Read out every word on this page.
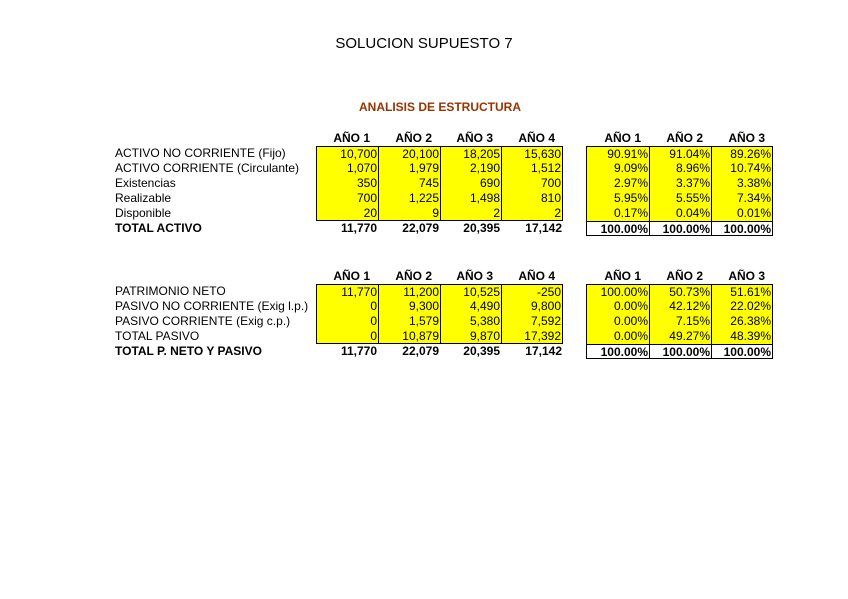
SOLUCION SUPUESTO 7
ANALISIS DE ESTRUCTURA
AÑO 1	AÑO 2	AÑO 3	AÑO 4	AÑO 1	AÑO 2	AÑO 3
ACTIVO NO CORRIENTE (Fijo)	10,700	20,100	18,205	15,630	90.91%	91.04%	89.26%
ACTIVO CORRIENTE (Circulante)	1,070	1,979	2,190	1,512	9.09%	8.96%	10.74%
Existencias	350	745	690	700	2.97%	3.37%	3.38%
Realizable	700	1,225	1,498	810	5.95%	5.55%	7.34%
Disponible	20	9	2	2	0.17%	0.04%	0.01%
TOTAL ACTIVO	11,770	22,079	20,395	17,142	100.00%	100.00%	100.00%
AÑO 1	AÑO 2	AÑO 3	AÑO 4	AÑO 1	AÑO 2	AÑO 3
PATRIMONIO NETO	11,770	11,200	10,525	-250	100.00%	50.73%	51.61%
PASIVO NO CORRIENTE (Exig l.p.)	0	9,300	4,490	9,800	0.00%	42.12%	22.02%
PASIVO CORRIENTE (Exig c.p.)	0	1,579	5,380	7,592	0.00%	7.15%	26.38%
TOTAL PASIVO	0	10,879	9,870	17,392	0.00%	49.27%	48.39%
TOTAL P. NETO Y PASIVO	11,770	22,079	20,395	17,142	100.00%	100.00%	100.00%
